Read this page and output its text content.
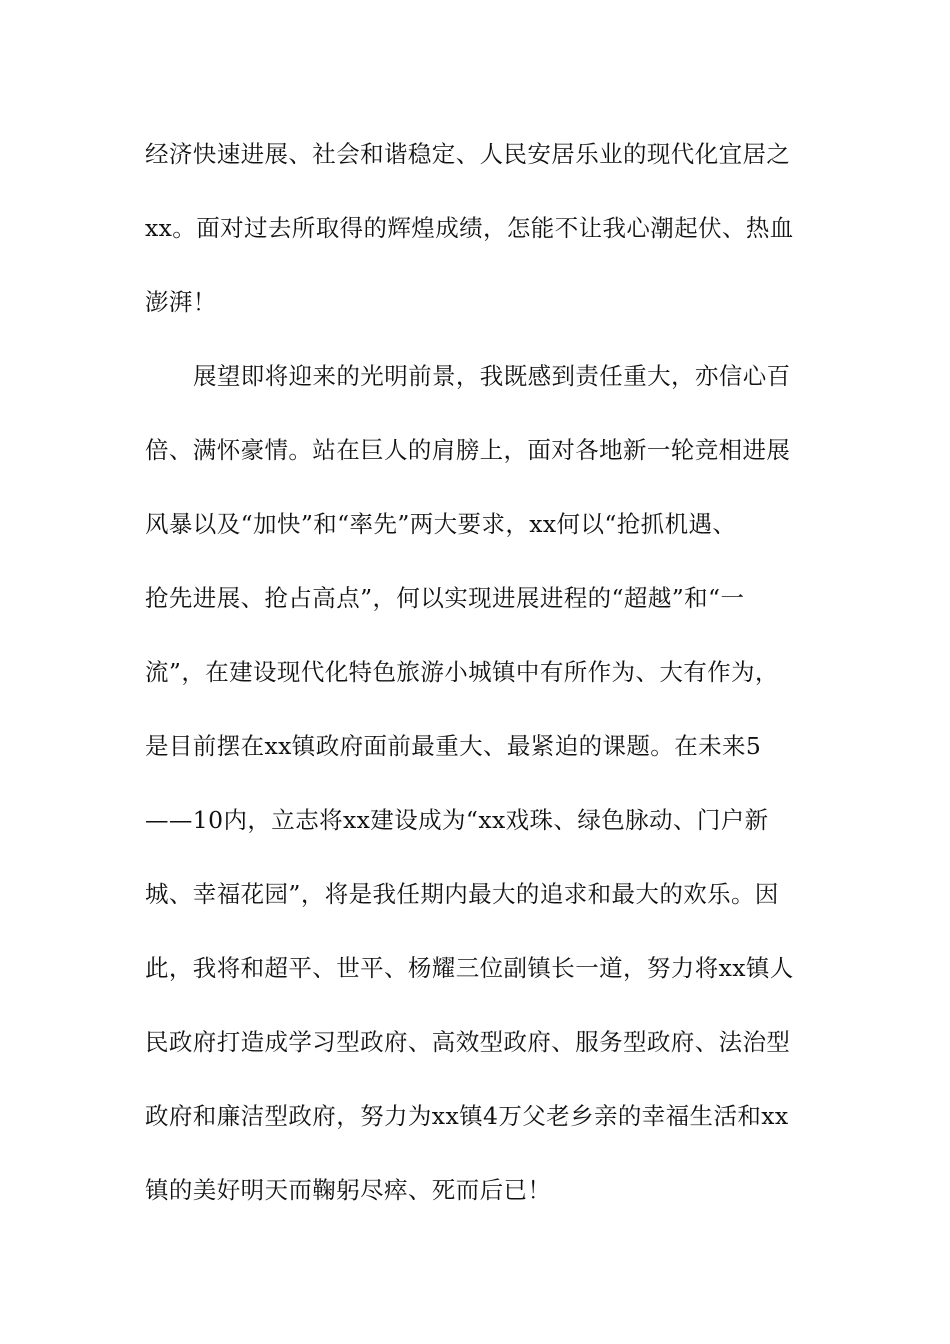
经济快速进展、社会和谐稳定、人民安居乐业的现代化宜居之
xx。面对过去所取得的辉煌成绩，怎能不让我心潮起伏、热血
澎湃！
展望即将迎来的光明前景，我既感到责任重大，亦信心百
倍、满怀豪情。站在巨人的肩膀上，面对各地新一轮竞相进展
风暴以及“加快”和“率先”两大要求，xx何以“抢抓机遇、
抢先进展、抢占高点”，何以实现进展进程的“超越”和“一
流”，在建设现代化特色旅游小城镇中有所作为、大有作为，
是目前摆在xx镇政府面前最重大、最紧迫的课题。在未来5
——10内，立志将xx建设成为“xx戏珠、绿色脉动、门户新
城、幸福花园”，将是我任期内最大的追求和最大的欢乐。因
此，我将和超平、世平、杨耀三位副镇长一道，努力将xx镇人
民政府打造成学习型政府、高效型政府、服务型政府、法治型
政府和廉洁型政府，努力为xx镇4万父老乡亲的幸福生活和xx
镇的美好明天而鞠躬尽瘁、死而后已！
